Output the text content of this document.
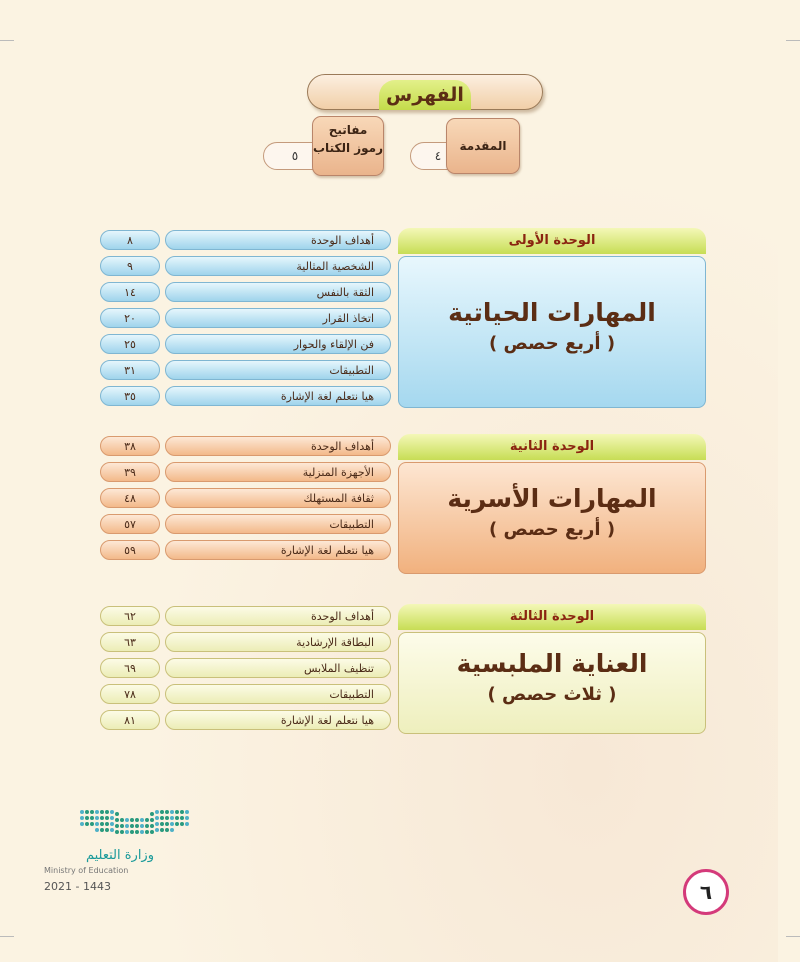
الفهرس
٤
المقدمة
٥
مفاتيح رموز الكتاب
الوحدة الأولى
المهارات الحياتية
( أربع حصص )
٨	أهداف الوحدة
٩	الشخصية المثالية
١٤	الثقة بالنفس
٢٠	اتخاذ القرار
٢٥	فن الإلقاء والحوار
٣١	التطبيقات
٣٥	هيا نتعلم لغة الإشارة
الوحدة الثانية
المهارات الأسرية
( أربع حصص )
٣٨	أهداف الوحدة
٣٩	الأجهزة المنزلية
٤٨	ثقافة المستهلك
٥٧	التطبيقات
٥٩	هيا نتعلم لغة الإشارة
الوحدة الثالثة
العناية الملبسية
( ثلاث حصص )
٦٢	أهداف الوحدة
٦٣	البطاقة الإرشادية
٦٩	تنظيف الملابس
٧٨	التطبيقات
٨١	هيا نتعلم لغة الإشارة
وزارة التعليم
Ministry of Education
2021 - 1443	٦
